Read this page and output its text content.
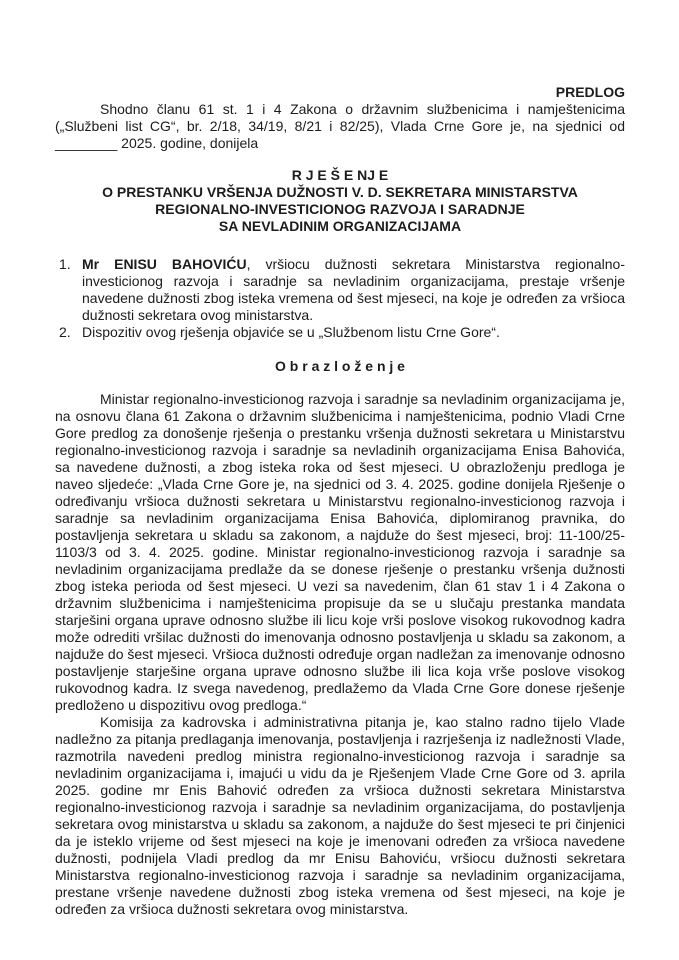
PREDLOG

Shodno članu 61 st. 1 i 4 Zakona o državnim službenicima i namještenicima („Službeni list CG“, br. 2/18, 34/19, 8/21 i 82/25), Vlada Crne Gore je, na sjednici od ________ 2025. godine, donijela

R J E Š E NJ E
O PRESTANKU VRŠENJA DUŽNOSTI V. D. SEKRETARA MINISTARSTVA
REGIONALNO-INVESTICIONOG RAZVOJA I SARADNJE
SA NEVLADINIM ORGANIZACIJAMA
1. Mr ENISU BAHOVIĆU, vršiocu dužnosti sekretara Ministarstva regionalno-investicionog razvoja i saradnje sa nevladinim organizacijama, prestaje vršenje navedene dužnosti zbog isteka vremena od šest mjeseci, na koje je određen za vršioca dužnosti sekretara ovog ministarstva.
2. Dispozitiv ovog rješenja objaviće se u „Službenom listu Crne Gore“.
O b r a z l o ž e n j e

Ministar regionalno-investicionog razvoja i saradnje sa nevladinim organizacijama je, na osnovu člana 61 Zakona o državnim službenicima i namještenicima, podnio Vladi Crne Gore predlog za donošenje rješenja o prestanku vršenja dužnosti sekretara u Ministarstvu regionalno-investicionog razvoja i saradnje sa nevladinih organizacijama Enisa Bahovića, sa navedene dužnosti, a zbog isteka roka od šest mjeseci. U obrazloženju predloga je naveo sljedeće: „Vlada Crne Gore je, na sjednici od 3. 4. 2025. godine donijela Rješenje o određivanju vršioca dužnosti sekretara u Ministarstvu regionalno-investicionog razvoja i saradnje sa nevladinim organizacijama Enisa Bahovića, diplomiranog pravnika, do postavljenja sekretara u skladu sa zakonom, a najduže do šest mjeseci, broj: 11-100/25-1103/3 od 3. 4. 2025. godine. Ministar regionalno-investicionog razvoja i saradnje sa nevladinim organizacijama predlaže da se donese rješenje o prestanku vršenja dužnosti zbog isteka perioda od šest mjeseci. U vezi sa navedenim, član 61 stav 1 i 4 Zakona o državnim službenicima i namještenicima propisuje da se u slučaju prestanka mandata starješini organa uprave odnosno službe ili licu koje vrši poslove visokog rukovodnog kadra može odrediti vršilac dužnosti do imenovanja odnosno postavljenja u skladu sa zakonom, a najduže do šest mjeseci. Vršioca dužnosti određuje organ nadležan za imenovanje odnosno postavljenje starješine organa uprave odnosno službe ili lica koja vrše poslove visokog rukovodnog kadra. Iz svega navedenog, predlažemo da Vlada Crne Gore donese rješenje predloženo u dispozitivu ovog predloga.“

Komisija za kadrovska i administrativna pitanja je, kao stalno radno tijelo Vlade nadležno za pitanja predlaganja imenovanja, postavljenja i razrješenja iz nadležnosti Vlade, razmotrila navedeni predlog ministra regionalno-investicionog razvoja i saradnje sa nevladinim organizacijama i, imajući u vidu da je Rješenjem Vlade Crne Gore od 3. aprila 2025. godine mr Enis Bahović određen za vršioca dužnosti sekretara Ministarstva regionalno-investicionog razvoja i saradnje sa nevladinim organizacijama, do postavljenja sekretara ovog ministarstva u skladu sa zakonom, a najduže do šest mjeseci te pri činjenici da je isteklo vrijeme od šest mjeseci na koje je imenovani određen za vršioca navedene dužnosti, podnijela Vladi predlog da mr Enisu Bahoviću, vršiocu dužnosti sekretara Ministarstva regionalno-investicionog razvoja i saradnje sa nevladinim organizacijama, prestane vršenje navedene dužnosti zbog isteka vremena od šest mjeseci, na koje je određen za vršioca dužnosti sekretara ovog ministarstva.
